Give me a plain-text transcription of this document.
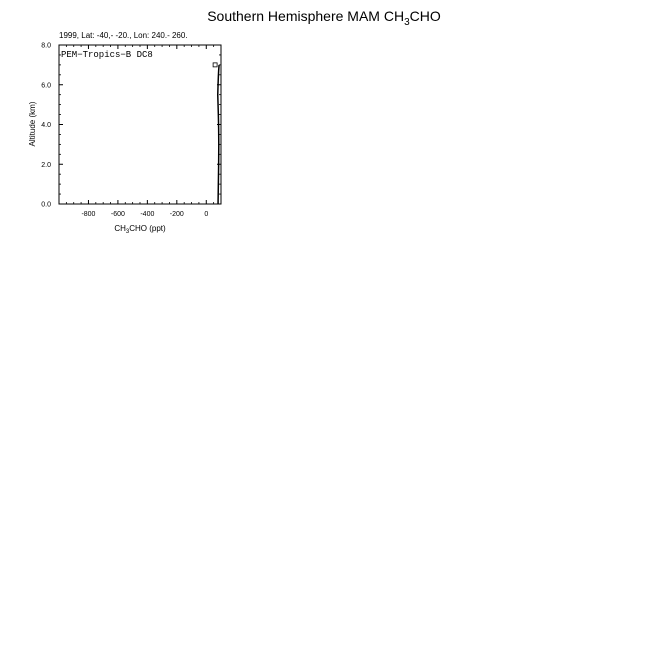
Southern Hemisphere MAM $CH_3CHO$
1999, Lat: -40,- -20., Lon: 240.- 260.
-800 -600 -400 -200	0
0.0
2.0
4.0
6.0
8.0
PEM−Tropics−B DC8
Altitude (km)
$CH_3CHO$ (ppt)
